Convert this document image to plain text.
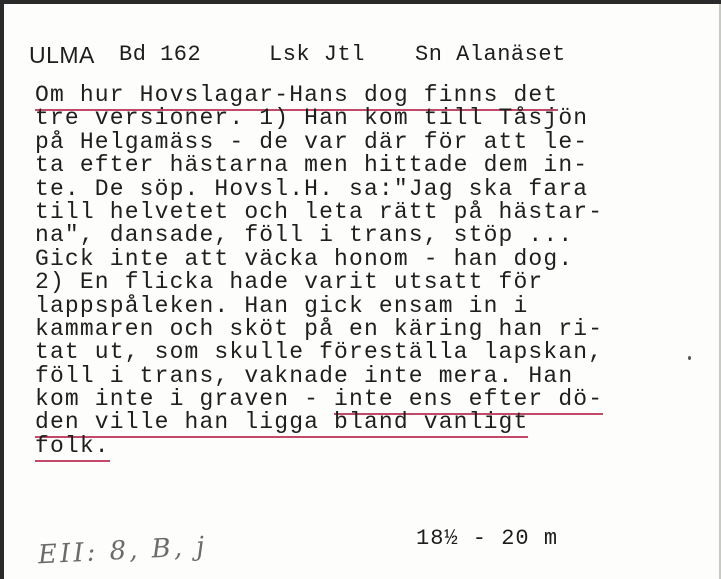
ULMA Bd 162	Lsk Jtl Sn Alanäset
Om hur Hovslagar-Hans dog finns det
tre versioner. 1) Han kom till Tåsjön
på Helgamäss - de var där för att le-
ta efter hästarna men hittade dem in-
te. De söp. Hovsl.H. sa:"Jag ska fara
till helvetet och leta rätt på hästar-
na", dansade, föll i trans, stöp ...
Gick inte att väcka honom - han dog.
2) En flicka hade varit utsatt för
lappspåleken. Han gick ensam in i
kammaren och sköt på en käring han ri-
tat ut, som skulle föreställa lapskan,
föll i trans, vaknade inte mera. Han
kom inte i graven - inte ens efter dö-
den ville han ligga bland vanligt
folk.
18½ - 20 m
EII: 8, B, j
